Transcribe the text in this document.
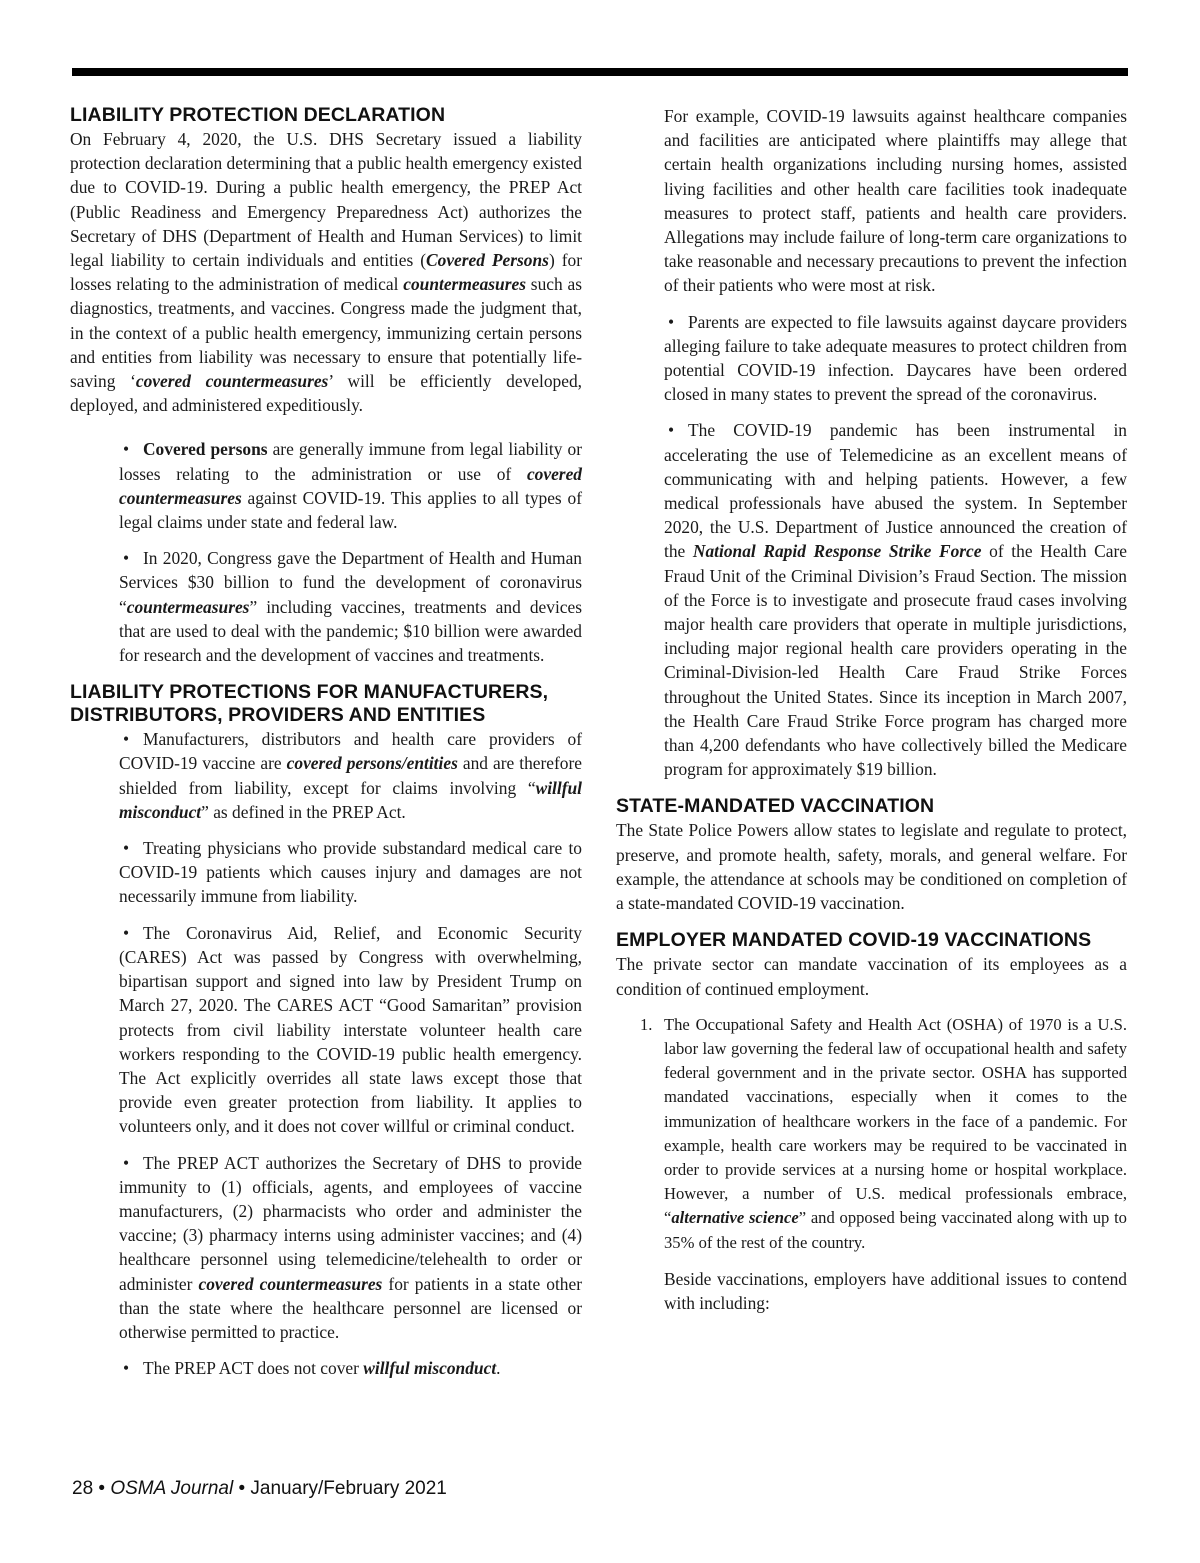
LIABILITY PROTECTION DECLARATION

On February 4, 2020, the U.S. DHS Secretary issued a liability protection declaration determining that a public health emergency existed due to COVID-19. During a public health emergency, the PREP Act (Public Readiness and Emergency Preparedness Act) authorizes the Secretary of DHS (Department of Health and Human Services) to limit legal liability to certain individuals and entities (Covered Persons) for losses relating to the administration of medical countermeasures such as diagnostics, treatments, and vaccines. Congress made the judgment that, in the context of a public health emergency, immunizing certain persons and entities from liability was necessary to ensure that potentially life-saving ‘covered countermeasures’ will be efficiently developed, deployed, and administered expeditiously.

• Covered persons are generally immune from legal liability or losses relating to the administration or use of covered countermeasures against COVID-19. This applies to all types of legal claims under state and federal law.

• In 2020, Congress gave the Department of Health and Human Services $30 billion to fund the development of coronavirus “countermeasures” including vaccines, treatments and devices that are used to deal with the pandemic; $10 billion were awarded for research and the development of vaccines and treatments.

LIABILITY PROTECTIONS FOR MANUFACTURERS,
DISTRIBUTORS, PROVIDERS AND ENTITIES

• Manufacturers, distributors and health care providers of COVID-19 vaccine are covered persons/entities and are therefore shielded from liability, except for claims involving “willful misconduct” as defined in the PREP Act.

• Treating physicians who provide substandard medical care to COVID-19 patients which causes injury and damages are not necessarily immune from liability.

• The Coronavirus Aid, Relief, and Economic Security (CARES) Act was passed by Congress with overwhelming, bipartisan support and signed into law by President Trump on March 27, 2020. The CARES ACT “Good Samaritan” provision protects from civil liability interstate volunteer health care workers responding to the COVID-19 public health emergency. The Act explicitly overrides all state laws except those that provide even greater protection from liability. It applies to volunteers only, and it does not cover willful or criminal conduct.

• The PREP ACT authorizes the Secretary of DHS to provide immunity to (1) officials, agents, and employees of vaccine manufacturers, (2) pharmacists who order and administer the vaccine; (3) pharmacy interns using administer vaccines; and (4) healthcare personnel using telemedicine/telehealth to order or administer covered countermeasures for patients in a state other than the state where the healthcare personnel are licensed or otherwise permitted to practice.

• The PREP ACT does not cover willful misconduct.

For example, COVID-19 lawsuits against healthcare companies and facilities are anticipated where plaintiffs may allege that certain health organizations including nursing homes, assisted living facilities and other health care facilities took inadequate measures to protect staff, patients and health care providers. Allegations may include failure of long-term care organizations to take reasonable and necessary precautions to prevent the infection of their patients who were most at risk.

• Parents are expected to file lawsuits against daycare providers alleging failure to take adequate measures to protect children from potential COVID-19 infection. Daycares have been ordered closed in many states to prevent the spread of the coronavirus.

• The COVID-19 pandemic has been instrumental in accelerating the use of Telemedicine as an excellent means of communicating with and helping patients. However, a few medical professionals have abused the system. In September 2020, the U.S. Department of Justice announced the creation of the National Rapid Response Strike Force of the Health Care Fraud Unit of the Criminal Division’s Fraud Section. The mission of the Force is to investigate and prosecute fraud cases involving major health care providers that operate in multiple jurisdictions, including major regional health care providers operating in the Criminal-Division-led Health Care Fraud Strike Forces throughout the United States. Since its inception in March 2007, the Health Care Fraud Strike Force program has charged more than 4,200 defendants who have collectively billed the Medicare program for approximately $19 billion.

STATE-MANDATED VACCINATION

The State Police Powers allow states to legislate and regulate to protect, preserve, and promote health, safety, morals, and general welfare. For example, the attendance at schools may be conditioned on completion of a state-mandated COVID-19 vaccination.

EMPLOYER MANDATED COVID-19 VACCINATIONS

The private sector can mandate vaccination of its employees as a condition of continued employment.

1. The Occupational Safety and Health Act (OSHA) of 1970 is a U.S. labor law governing the federal law of occupational health and safety federal government and in the private sector. OSHA has supported mandated vaccinations, especially when it comes to the immunization of healthcare workers in the face of a pandemic. For example, health care workers may be required to be vaccinated in order to provide services at a nursing home or hospital workplace. However, a number of U.S. medical professionals embrace, “alternative science” and opposed being vaccinated along with up to 35% of the rest of the country.

Beside vaccinations, employers have additional issues to contend with including:

28 • OSMA Journal • January/February 2021
